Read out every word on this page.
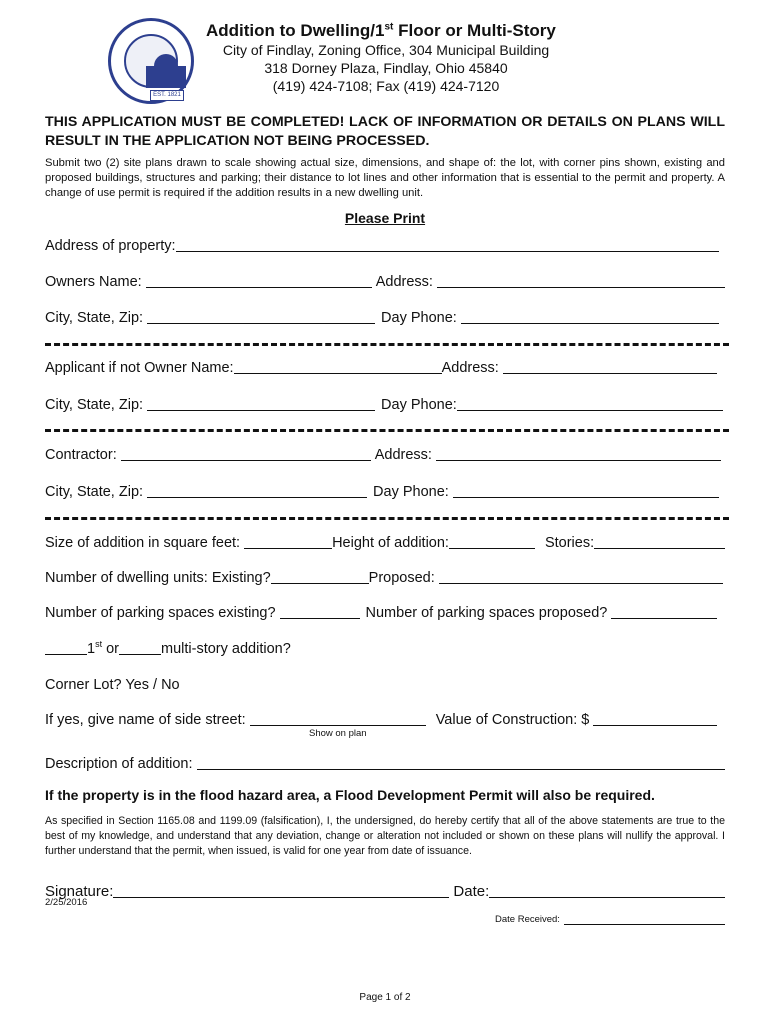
EST. 1821
Addition to Dwelling/1st Floor or Multi-Story
City of Findlay, Zoning Office, 304 Municipal Building
318 Dorney Plaza, Findlay, Ohio 45840
(419) 424-7108; Fax (419) 424-7120
THIS APPLICATION MUST BE COMPLETED! LACK OF INFORMATION OR DETAILS ON PLANS WILL RESULT IN THE APPLICATION NOT BEING PROCESSED.
Submit two (2) site plans drawn to scale showing actual size, dimensions, and shape of: the lot, with corner pins shown, existing and proposed buildings, structures and parking; their distance to lot lines and other information that is essential to the permit and property. A change of use permit is required if the addition results in a new dwelling unit.
Please Print
Address of property:
Owners Name:	Address:
City, State, Zip:	Day Phone:
Applicant if not Owner Name:	Address:
City, State, Zip:	Day Phone:
Contractor:	Address:
City, State, Zip:	Day Phone:
Size of addition in square feet:	Height of addition:	Stories:
Number of dwelling units: Existing?	Proposed:
Number of parking spaces existing?	Number of parking spaces proposed?
1st or	multi-story addition?
Corner Lot? Yes / No
If yes, give name of side street:	Value of Construction: $
Show on plan
Description of addition:
If the property is in the flood hazard area, a Flood Development Permit will also be required.
As specified in Section 1165.08 and 1199.09 (falsification), I, the undersigned, do hereby certify that all of the above statements are true to the best of my knowledge, and understand that any deviation, change or alteration not included or shown on these plans will nullify the approval. I further understand that the permit, when issued, is valid for one year from date of issuance.
Signature:	Date:
2/25/2016
Date Received:
Page 1 of 2
